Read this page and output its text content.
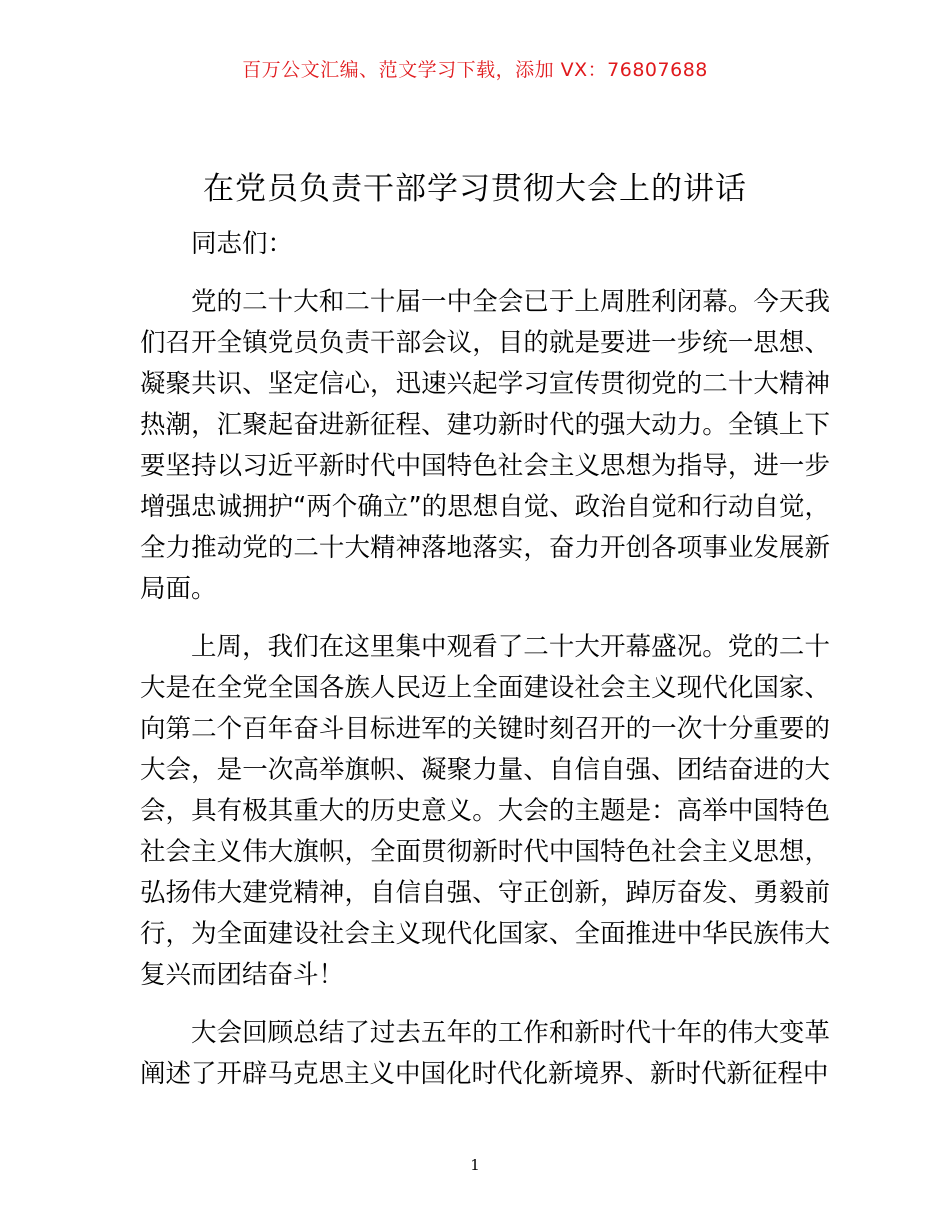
百万公文汇编、范文学习下载，添加 VX：76807688
在党员负责干部学习贯彻大会上的讲话

同志们：

党的二十大和二十届一中全会已于上周胜利闭幕。今天我们召开全镇党员负责干部会议，目的就是要进一步统一思想、凝聚共识、坚定信心，迅速兴起学习宣传贯彻党的二十大精神热潮，汇聚起奋进新征程、建功新时代的强大动力。全镇上下要坚持以习近平新时代中国特色社会主义思想为指导，进一步增强忠诚拥护“两个确立”的思想自觉、政治自觉和行动自觉，全力推动党的二十大精神落地落实，奋力开创各项事业发展新局面。

上周，我们在这里集中观看了二十大开幕盛况。党的二十大是在全党全国各族人民迈上全面建设社会主义现代化国家、向第二个百年奋斗目标进军的关键时刻召开的一次十分重要的大会，是一次高举旗帜、凝聚力量、自信自强、团结奋进的大会，具有极其重大的历史意义。大会的主题是：高举中国特色社会主义伟大旗帜，全面贯彻新时代中国特色社会主义思想，弘扬伟大建党精神，自信自强、守正创新，踔厉奋发、勇毅前行，为全面建设社会主义现代化国家、全面推进中华民族伟大复兴而团结奋斗！

大会回顾总结了过去五年的工作和新时代十年的伟大变革阐述了开辟马克思主义中国化时代化新境界、新时代新征程中

1
